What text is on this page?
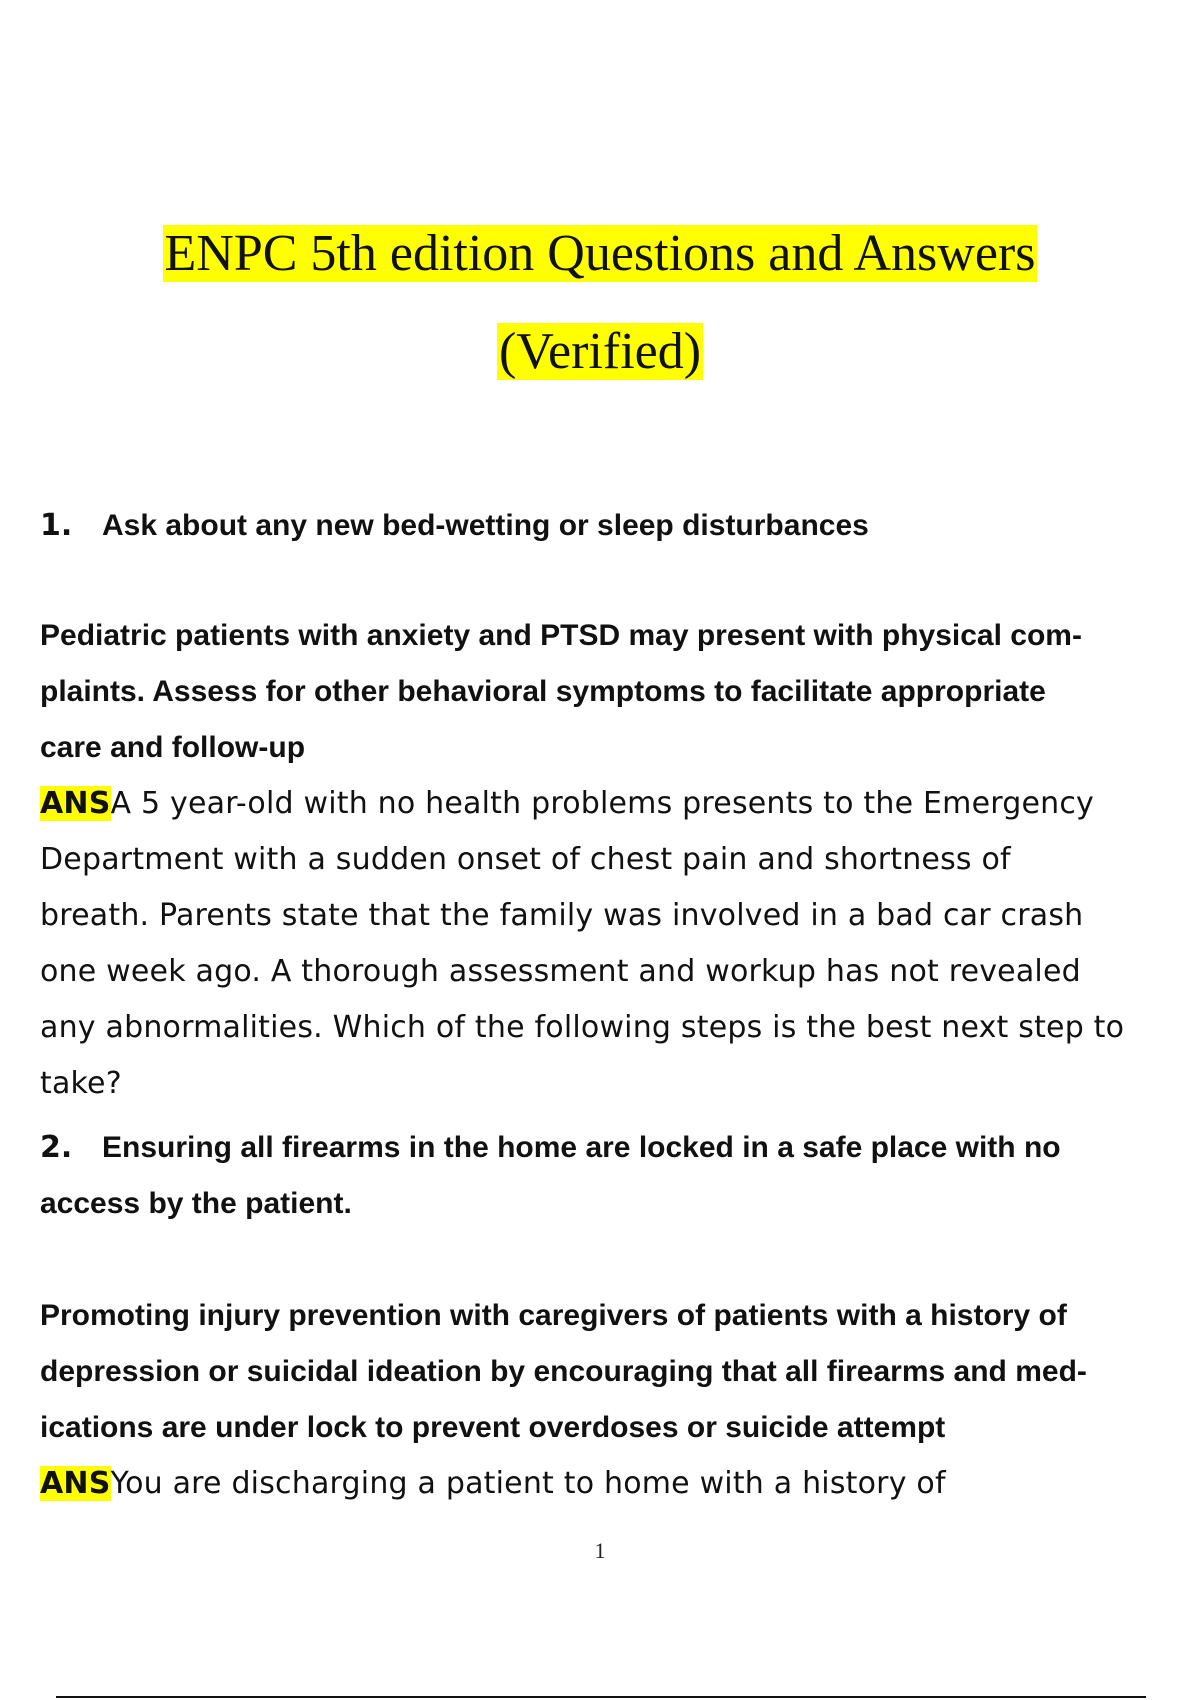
ENPC 5th edition Questions and Answers
(Verified)
1. Ask about any new bed-wetting or sleep disturbances
Pediatric patients with anxiety and PTSD may present with physical com-
plaints. Assess for other behavioral symptoms to facilitate appropriate
care and follow-up
ANSA 5 year-old with no health problems presents to the Emergency
Department with a sudden onset of chest pain and shortness of
breath. Parents state that the family was involved in a bad car crash
one week ago. A thorough assessment and workup has not revealed
any abnormalities. Which of the following steps is the best next step to
take?
2. Ensuring all firearms in the home are locked in a safe place with no
access by the patient.
Promoting injury prevention with caregivers of patients with a history of
depression or suicidal ideation by encouraging that all firearms and med-
ications are under lock to prevent overdoses or suicide attempt
ANSYou are discharging a patient to home with a history of
1
